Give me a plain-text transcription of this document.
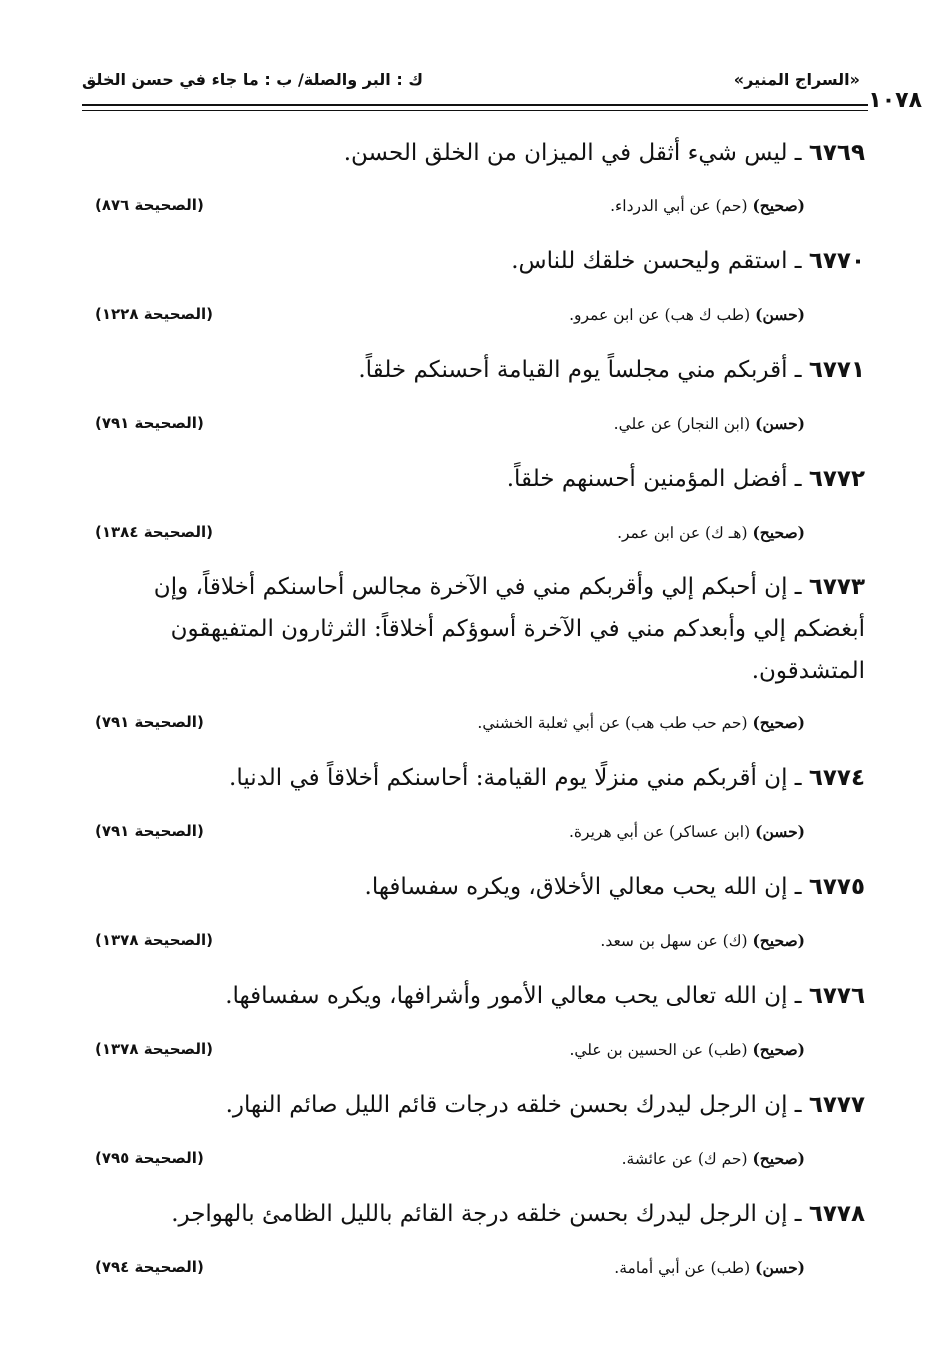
«السراج المنير»
ك : البر والصلة/ ب : ما جاء في حسن الخلق
١٠٧٨
٦٧٦٩ ـ ليس شيء أثقل في الميزان من الخلق الحسن.
(صحيح) (حم) عن أبي الدرداء.
(الصحيحة ٨٧٦)
٦٧٧٠ ـ استقم وليحسن خلقك للناس.
(حسن) (طب ك هب) عن ابن عمرو.
(الصحيحة ١٢٢٨)
٦٧٧١ ـ أقربكم مني مجلساً يوم القيامة أحسنكم خلقاً.
(حسن) (ابن النجار) عن علي.
(الصحيحة ٧٩١)
٦٧٧٢ ـ أفضل المؤمنين أحسنهم خلقاً.
(صحيح) (هـ ك) عن ابن عمر.
(الصحيحة ١٣٨٤)
٦٧٧٣ ـ إن أحبكم إلي وأقربكم مني في الآخرة مجالس أحاسنكم أخلاقاً، وإن أبغضكم إلي وأبعدكم مني في الآخرة أسوؤكم أخلاقاً: الثرثارون المتفيهقون المتشدقون.
(صحيح) (حم حب طب هب) عن أبي ثعلبة الخشني.
(الصحيحة ٧٩١)
٦٧٧٤ ـ إن أقربكم مني منزلًا يوم القيامة: أحاسنكم أخلاقاً في الدنيا.
(حسن) (ابن عساكر) عن أبي هريرة.
(الصحيحة ٧٩١)
٦٧٧٥ ـ إن الله يحب معالي الأخلاق، ويكره سفسافها.
(صحيح) (ك) عن سهل بن سعد.
(الصحيحة ١٣٧٨)
٦٧٧٦ ـ إن الله تعالى يحب معالي الأمور وأشرافها، ويكره سفسافها.
(صحيح) (طب) عن الحسين بن علي.
(الصحيحة ١٣٧٨)
٦٧٧٧ ـ إن الرجل ليدرك بحسن خلقه درجات قائم الليل صائم النهار.
(صحيح) (حم ك) عن عائشة.
(الصحيحة ٧٩٥)
٦٧٧٨ ـ إن الرجل ليدرك بحسن خلقه درجة القائم بالليل الظامئ بالهواجر.
(حسن) (طب) عن أبي أمامة.
(الصحيحة ٧٩٤)
